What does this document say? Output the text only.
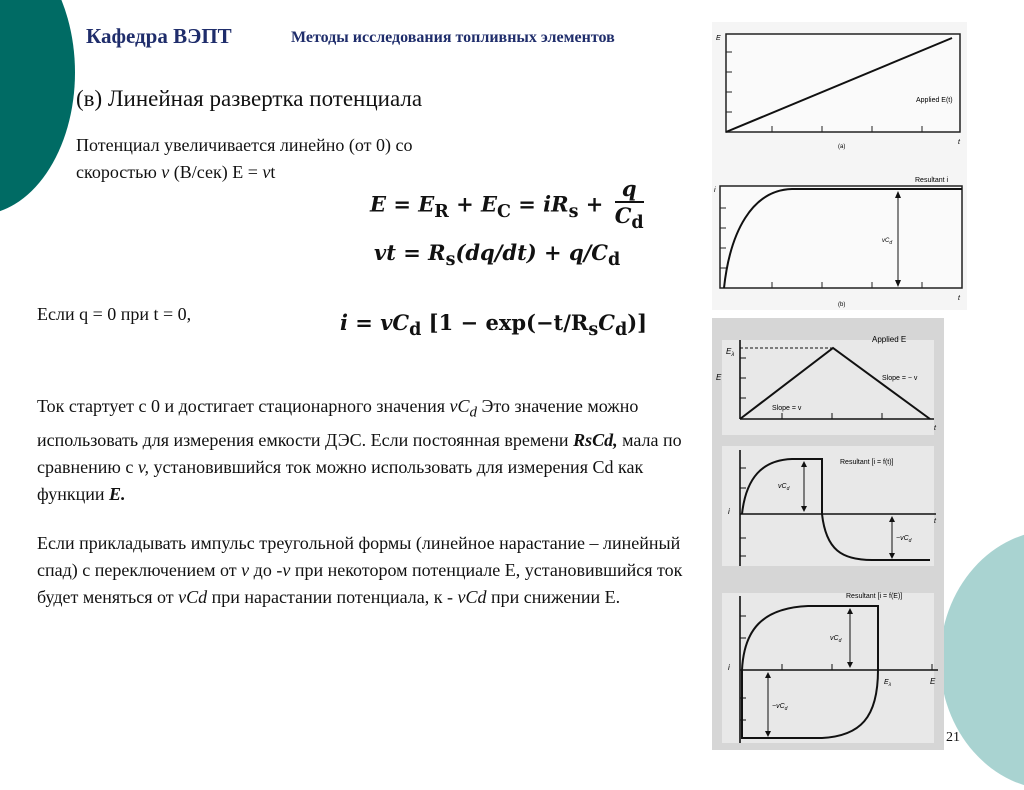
Кафедра ВЭПТ	Методы исследования топливных элементов
(в) Линейная развертка потенциала
Потенциал увеличивается линейно (от 0) со
скоростью v (В/сек) E = vt
$E = E_R + E_C = iR_s + \frac{q}{C_d}$
vt = $R_s(dq/dt) + q/C_d$
Если q = 0 при t = 0,	$i = vC_d$ $[1 - \exp(-t/R_sC_d)]$
Ток стартует с 0 и достигает стационарного значения $vC_d$ Это значение можно использовать для измерения емкости ДЭС. Если постоянная времени RsCd, мала по сравнению с v, установившийся ток можно использовать для измерения Cd как функции E.
Если прикладывать импульс треугольной формы (линейное нарастание – линейный спад) с переключением от v до -v при некотором потенциале E, установившийся ток будет меняться от vCd при нарастании потенциала, к - vCd при снижении E.
E
t
Applied E(t)
(a)
$vC_d$
i
t
Resultant i
(b)
$E_\lambda$
E
Applied E
Slope = v
Slope = − v
t
$vC_d$
$-vC_d$
Resultant [i = f(t)]
i
t
$vC_d$
$-vC_d$
$E_\lambda$
Resultant [i = f(E)]
i
E
21
